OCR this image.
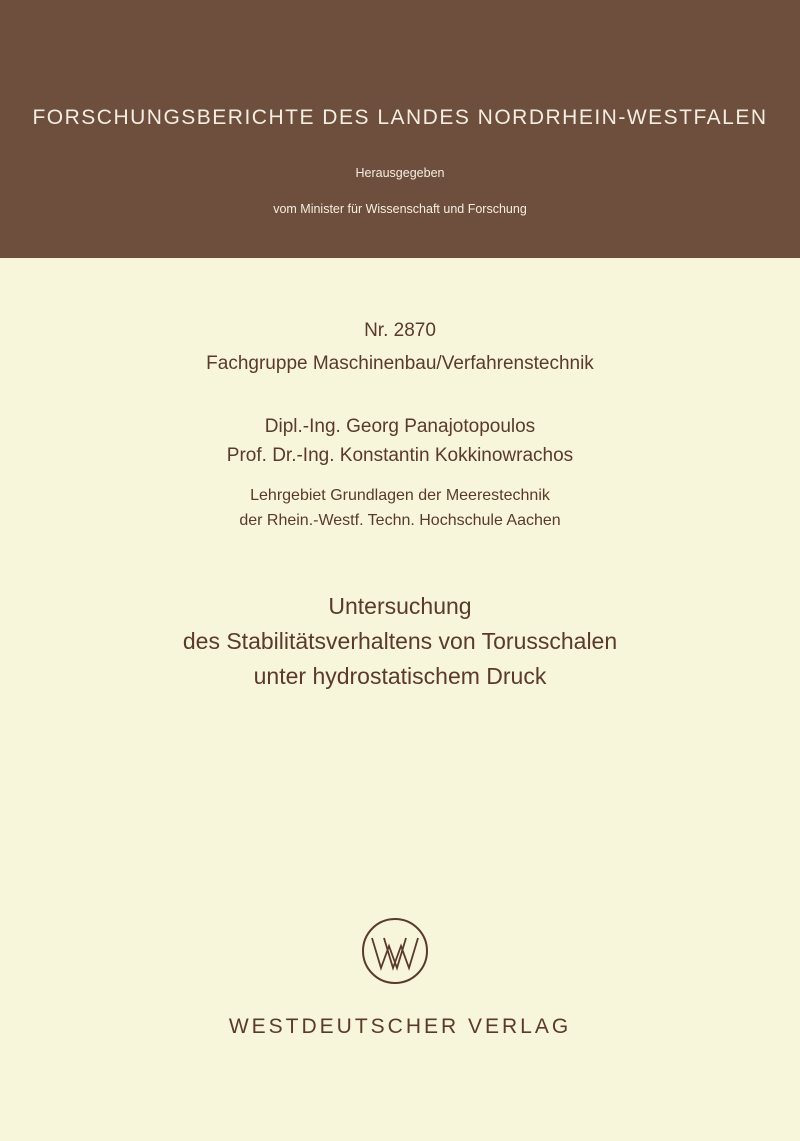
FORSCHUNGSBERICHTE DES LANDES NORDRHEIN-WESTFALEN
Herausgegeben
vom Minister für Wissenschaft und Forschung
Nr. 2870
Fachgruppe Maschinenbau/Verfahrenstechnik
Dipl.-Ing. Georg Panajotopoulos
Prof. Dr.-Ing. Konstantin Kokkinowrachos
Lehrgebiet Grundlagen der Meerestechnik
der Rhein.-Westf. Techn. Hochschule Aachen
Untersuchung
des Stabilitätsverhaltens von Torusschalen
unter hydrostatischem Druck
WESTDEUTSCHER VERLAG
